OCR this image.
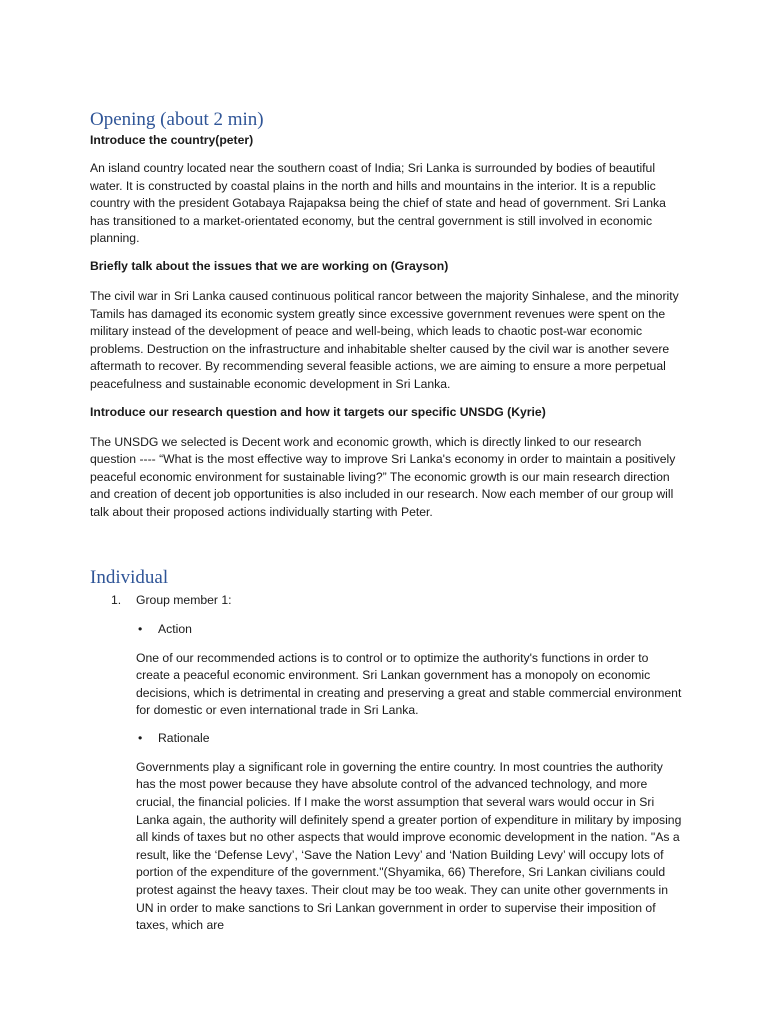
Opening (about 2 min)
Introduce the country(peter)

An island country located near the southern coast of India; Sri Lanka is surrounded by bodies of beautiful water. It is constructed by coastal plains in the north and hills and mountains in the interior. It is a republic country with the president Gotabaya Rajapaksa being the chief of state and head of government. Sri Lanka has transitioned to a market-orientated economy, but the central government is still involved in economic planning.

Briefly talk about the issues that we are working on (Grayson)

The civil war in Sri Lanka caused continuous political rancor between the majority Sinhalese, and the minority Tamils has damaged its economic system greatly since excessive government revenues were spent on the military instead of the development of peace and well-being, which leads to chaotic post-war economic problems. Destruction on the infrastructure and inhabitable shelter caused by the civil war is another severe aftermath to recover. By recommending several feasible actions, we are aiming to ensure a more perpetual peacefulness and sustainable economic development in Sri Lanka.

Introduce our research question and how it targets our specific UNSDG (Kyrie)

The UNSDG we selected is Decent work and economic growth, which is directly linked to our research question ---- “What is the most effective way to improve Sri Lanka's economy in order to maintain a positively peaceful economic environment for sustainable living?” The economic growth is our main research direction and creation of decent job opportunities is also included in our research. Now each member of our group will talk about their proposed actions individually starting with Peter.

Individual
1.	Group member 1:
•	Action

One of our recommended actions is to control or to optimize the authority's functions in order to create a peaceful economic environment. Sri Lankan government has a monopoly on economic decisions, which is detrimental in creating and preserving a great and stable commercial environment for domestic or even international trade in Sri Lanka.

•	Rationale

Governments play a significant role in governing the entire country. In most countries the authority has the most power because they have absolute control of the advanced technology, and more crucial, the financial policies. If I make the worst assumption that several wars would occur in Sri Lanka again, the authority will definitely spend a greater portion of expenditure in military by imposing all kinds of taxes but no other aspects that would improve economic development in the nation. "As a result, like the ‘Defense Levy’, ‘Save the Nation Levy’ and ‘Nation Building Levy’ will occupy lots of portion of the expenditure of the government."(Shyamika, 66) Therefore, Sri Lankan civilians could protest against the heavy taxes. Their clout may be too weak. They can unite other governments in UN in order to make sanctions to Sri Lankan government in order to supervise their imposition of taxes, which are
